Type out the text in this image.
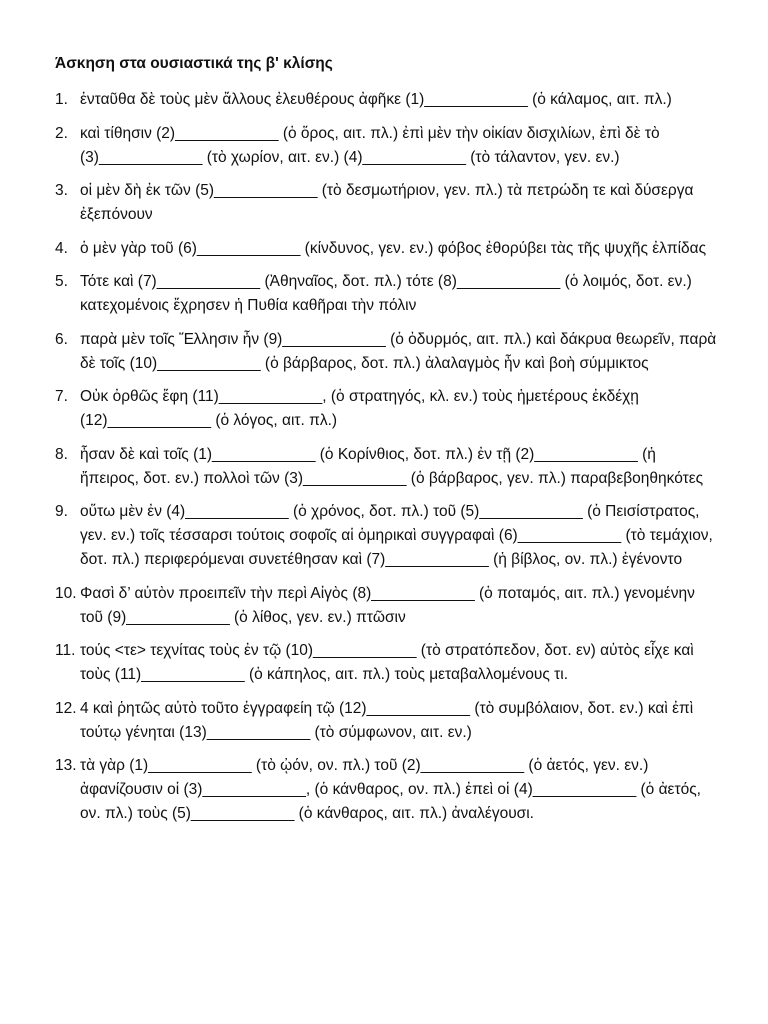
Άσκηση στα ουσιαστικά της β' κλίσης
1. ἐνταῦθα δὲ τοὺς μὲν ἄλλους ἐλευθέρους ἀφῆκε (1)____________ (ὁ κάλαμος, αιτ. πλ.)
2. καὶ τίθησιν (2)____________ (ὁ ὅρος, αιτ. πλ.) ἐπὶ μὲν τὴν οἰκίαν δισχιλίων, ἐπὶ δὲ τὸ (3)____________ (τὸ χωρίον, αιτ. εν.) (4)____________ (τὸ τάλαντον, γεν. εν.)
3. οἱ μὲν δὴ ἐκ τῶν (5)____________ (τὸ δεσμωτήριον, γεν. πλ.) τὰ πετρώδη τε καὶ δύσεργα ἐξεπόνουν
4. ὁ μὲν γὰρ τοῦ (6)____________ (κίνδυνος, γεν. εν.) φόβος ἐθορύβει τὰς τῆς ψυχῆς ἐλπίδας
5. Τότε καὶ (7)____________ (Ἀθηναῖος, δοτ. πλ.) τότε (8)____________ (ὁ λοιμός, δοτ. εν.) κατεχομένοις ἔχρησεν ἡ Πυθία καθῆραι τὴν πόλιν
6. παρὰ μὲν τοῖς Ἕλλησιν ἦν (9)____________ (ὁ ὀδυρμός, αιτ. πλ.) καὶ δάκρυα θεωρεῖν, παρὰ δὲ τοῖς (10)____________ (ὁ βάρβαρος, δοτ. πλ.) ἀλαλαγμὸς ἦν καὶ βοὴ σύμμικτος
7. Οὐκ ὀρθῶς ἔφη (11)____________, (ὁ στρατηγός, κλ. εν.) τοὺς ἡμετέρους ἐκδέχῃ (12)____________ (ὁ λόγος, αιτ. πλ.)
8. ἦσαν δὲ καὶ τοῖς (1)____________ (ὁ Κορίνθιος, δοτ. πλ.) ἐν τῇ (2)____________ (ἡ ἤπειρος, δοτ. εν.) πολλοὶ τῶν (3)____________ (ὁ βάρβαρος, γεν. πλ.) παραβεβοηθηκότες
9. οὕτω μὲν ἐν (4)____________ (ὁ χρόνος, δοτ. πλ.) τοῦ (5)____________ (ὁ Πεισίστρατος, γεν. εν.) τοῖς τέσσαρσι τούτοις σοφοῖς αἱ ὁμηρικαὶ συγγραφαὶ (6)____________ (τὸ τεμάχιον, δοτ. πλ.) περιφερόμεναι συνετέθησαν καὶ (7)____________ (ἡ βίβλος, ον. πλ.) ἐγένοντο
10. Φασὶ δ’ αὐτὸν προειπεῖν τὴν περὶ Αἰγὸς (8)____________ (ὁ ποταμός, αιτ. πλ.) γενομένην τοῦ (9)____________ (ὁ λίθος, γεν. εν.) πτῶσιν
11. τούς <τε> τεχνίτας τοὺς ἐν τῷ (10)____________ (τὸ στρατόπεδον, δοτ. εν) αὐτὸς εἶχε καὶ τοὺς (11)____________ (ὁ κάπηλος, αιτ. πλ.) τοὺς μεταβαλλομένους τι.
12. 4 καὶ ῥητῶς αὐτὸ τοῦτο ἐγγραφείη τῷ (12)____________ (τὸ συμβόλαιον, δοτ. εν.) καὶ ἐπὶ τούτῳ γένηται (13)____________ (τὸ σύμφωνον, αιτ. εν.)
13. τὰ γὰρ (1)____________ (τὸ ᾠόν, ον. πλ.) τοῦ (2)____________ (ὁ ἀετός, γεν. εν.) ἀφανίζουσιν οἱ (3)____________, (ὁ κάνθαρος, ον. πλ.) ἐπεὶ οἱ (4)____________ (ὁ ἀετός, ον. πλ.) τοὺς (5)____________ (ὁ κάνθαρος, αιτ. πλ.) ἀναλέγουσι.
